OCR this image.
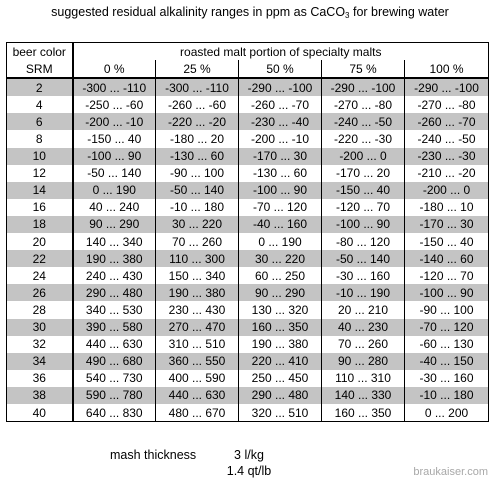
suggested residual alkalinity ranges in ppm as CaCO$_3$ for brewing water
beer color	roasted malt portion of specialty malts				
SRM	0 %	25 %	50 %	75 %	100 %
2	-300 ... -110	-300 ... -110	-290 ... -100	-290 ... -100	-290 ... -100
4	-250 ... -60	-260 ... -60	-260 ... -70	-270 ... -80	-270 ... -80
6	-200 ... -10	-220 ... -20	-230 ... -40	-240 ... -50	-260 ... -70
8	-150 ... 40	-180 ... 20	-200 ... -10	-220 ... -30	-240 ... -50
10	-100 ... 90	-130 ... 60	-170 ... 30	-200 ... 0	-230 ... -30
12	-50 ... 140	-90 ... 100	-130 ... 60	-170 ... 20	-210 ... -20
14	0 ... 190	-50 ... 140	-100 ... 90	-150 ... 40	-200 ... 0
16	40 ... 240	-10 ... 180	-70 ... 120	-120 ... 70	-180 ... 10
18	90 ... 290	30 ... 220	-40 ... 160	-100 ... 90	-170 ... 30
20	140 ... 340	70 ... 260	0 ... 190	-80 ... 120	-150 ... 40
22	190 ... 380	110 ... 300	30 ... 220	-50 ... 140	-140 ... 60
24	240 ... 430	150 ... 340	60 ... 250	-30 ... 160	-120 ... 70
26	290 ... 480	190 ... 380	90 ... 290	-10 ... 190	-100 ... 90
28	340 ... 530	230 ... 430	130 ... 320	20 ... 210	-90 ... 100
30	390 ... 580	270 ... 470	160 ... 350	40 ... 230	-70 ... 120
32	440 ... 630	310 ... 510	190 ... 380	70 ... 260	-60 ... 130
34	490 ... 680	360 ... 550	220 ... 410	90 ... 280	-40 ... 150
36	540 ... 730	400 ... 590	250 ... 450	110 ... 310	-30 ... 160
38	590 ... 780	440 ... 630	290 ... 480	140 ... 330	-10 ... 180
40	640 ... 830	480 ... 670	320 ... 510	160 ... 350	0 ... 200
mash thickness	3 l/kg
1.4 qt/lb	braukaiser.com
